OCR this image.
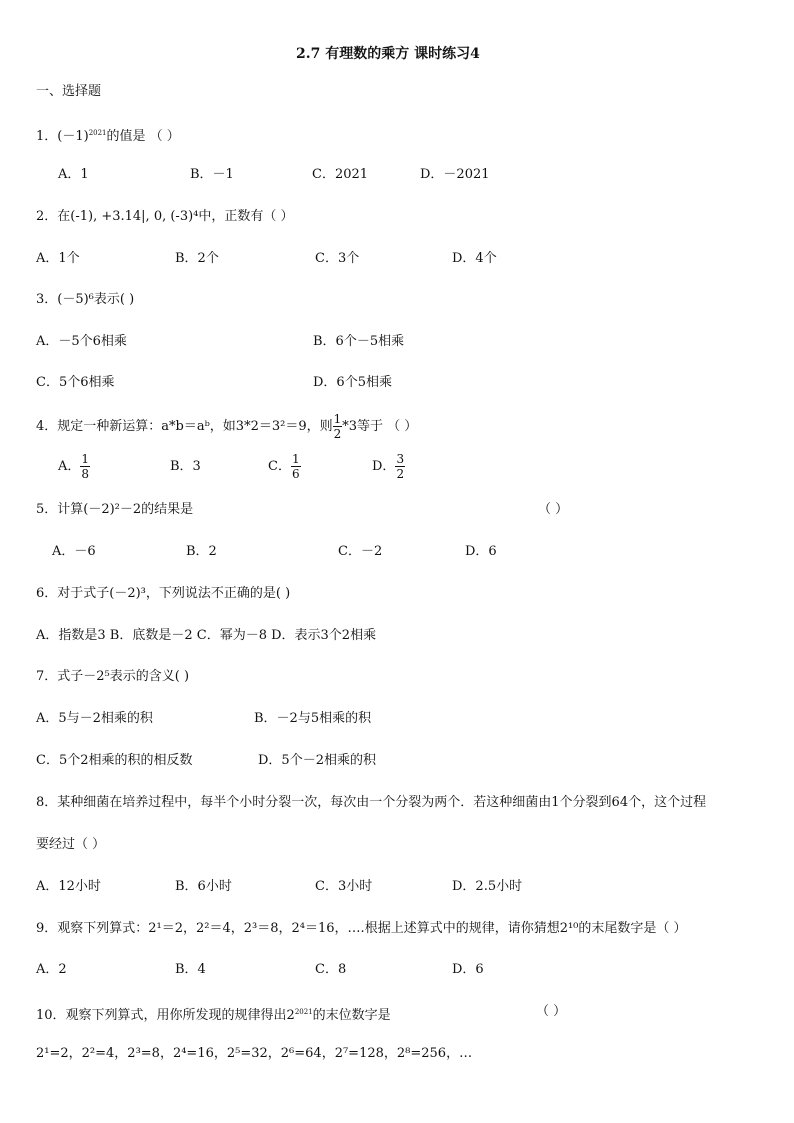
2.7 有理数的乘方 课时练习4
一、选择题
1．$(-1)^{2021}$的值是 （ ）
A．1	B．－1	C．2021	D．－2021
2．在(-1), +3.14|, 0, (-3)⁴中，正数有（ ）
A．1个	B．2个	C．3个	D．4个
3．(－5)⁶表示( )
A．－5个6相乘	B．6个－5相乘
C．5个6相乘	D．6个5相乘
4．规定一种新运算：a*b＝aᵇ，如3*2＝3²＝9，则 $\frac{1}{2} *3$等于 （ ）
A． $\frac{1}{8}$	B．3	C． $\frac{1}{6}$	D． $\frac{3}{2}$
5．计算(－2)²－2的结果是	（ ）
A．－6	B．2	C．－2	D．6
6．对于式子(－2)³，下列说法不正确的是( )
A．指数是3 B．底数是－2 C．幂为－8 D．表示3个2相乘
7．式子－2⁵表示的含义( )
A．5与－2相乘的积	B．－2与5相乘的积
C．5个2相乘的积的相反数	D．5个－2相乘的积
8．某种细菌在培养过程中，每半个小时分裂一次，每次由一个分裂为两个．若这种细菌由1个分裂到64个，这个过程
要经过（ ）
A．12小时	B．6小时	C．3小时	D．2.5小时
9．观察下列算式：2¹＝2，2²＝4，2³＝8，2⁴＝16，….根据上述算式中的规律，请你猜想2¹⁰的末尾数字是（ ）
A．2	B．4	C．8	D．6
10．观察下列算式，用你所发现的规律得出$2^{2021}$的末位数字是	（ ）
2¹=2，2²=4，2³=8，2⁴=16，2⁵=32，2⁶=64，2⁷=128，2⁸=256，…
